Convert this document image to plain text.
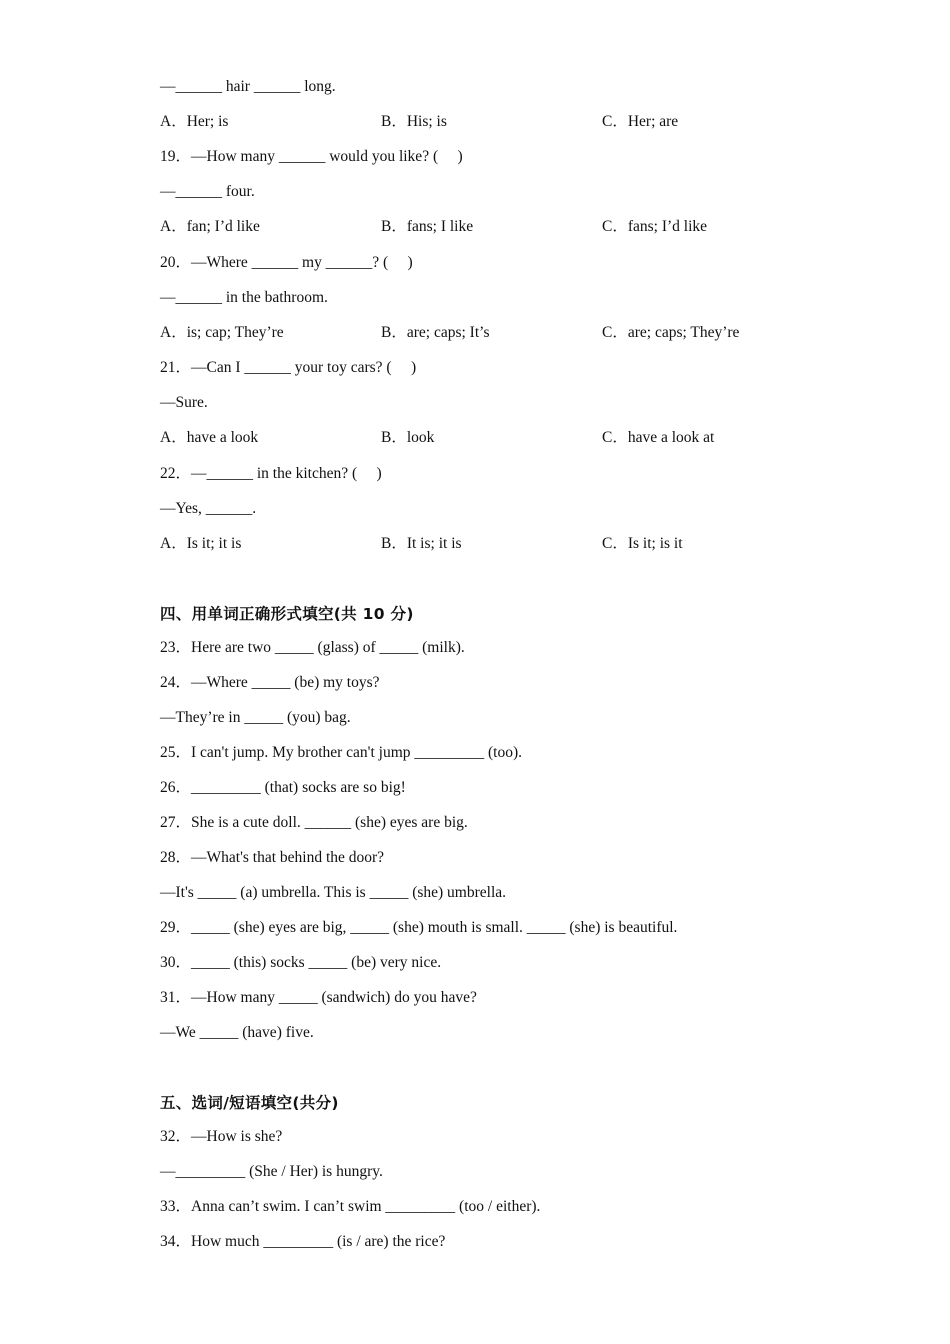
—______ hair ______ long.

A．Her; is	B．His; is	C．Her; are

19．—How many ______ would you like? (     )

—______ four.

A．fan; I’d like	B．fans; I like	C．fans; I’d like

20．—Where ______ my ______? (     )

—______ in the bathroom.

A．is; cap; They’re	B．are; caps; It’s	C．are; caps; They’re

21．—Can I ______ your toy cars? (     )

—Sure.

A．have a look	B．look	C．have a look at

22．—______ in the kitchen? (     )

—Yes, ______.

A．Is it; it is	B．It is; it is	C．Is it; is it

四、用单词正确形式填空(共 10 分)

23．Here are two _____ (glass) of _____ (milk).

24．—Where _____ (be) my toys?

—They’re in _____ (you) bag.

25．I can't jump. My brother can't jump _________ (too).

26．_________ (that) socks are so big!

27．She is a cute doll. ______ (she) eyes are big.

28．—What's that behind the door?

—It's _____ (a) umbrella. This is _____ (she) umbrella.

29．_____ (she) eyes are big, _____ (she) mouth is small. _____ (she) is beautiful.

30．_____ (this) socks _____ (be) very nice.

31．—How many _____ (sandwich) do you have?

—We _____ (have) five.

五、选词/短语填空(共分)

32．—How is she?

—_________ (She / Her) is hungry.

33．Anna can’t swim. I can’t swim _________ (too / either).

34．How much _________ (is / are) the rice?
